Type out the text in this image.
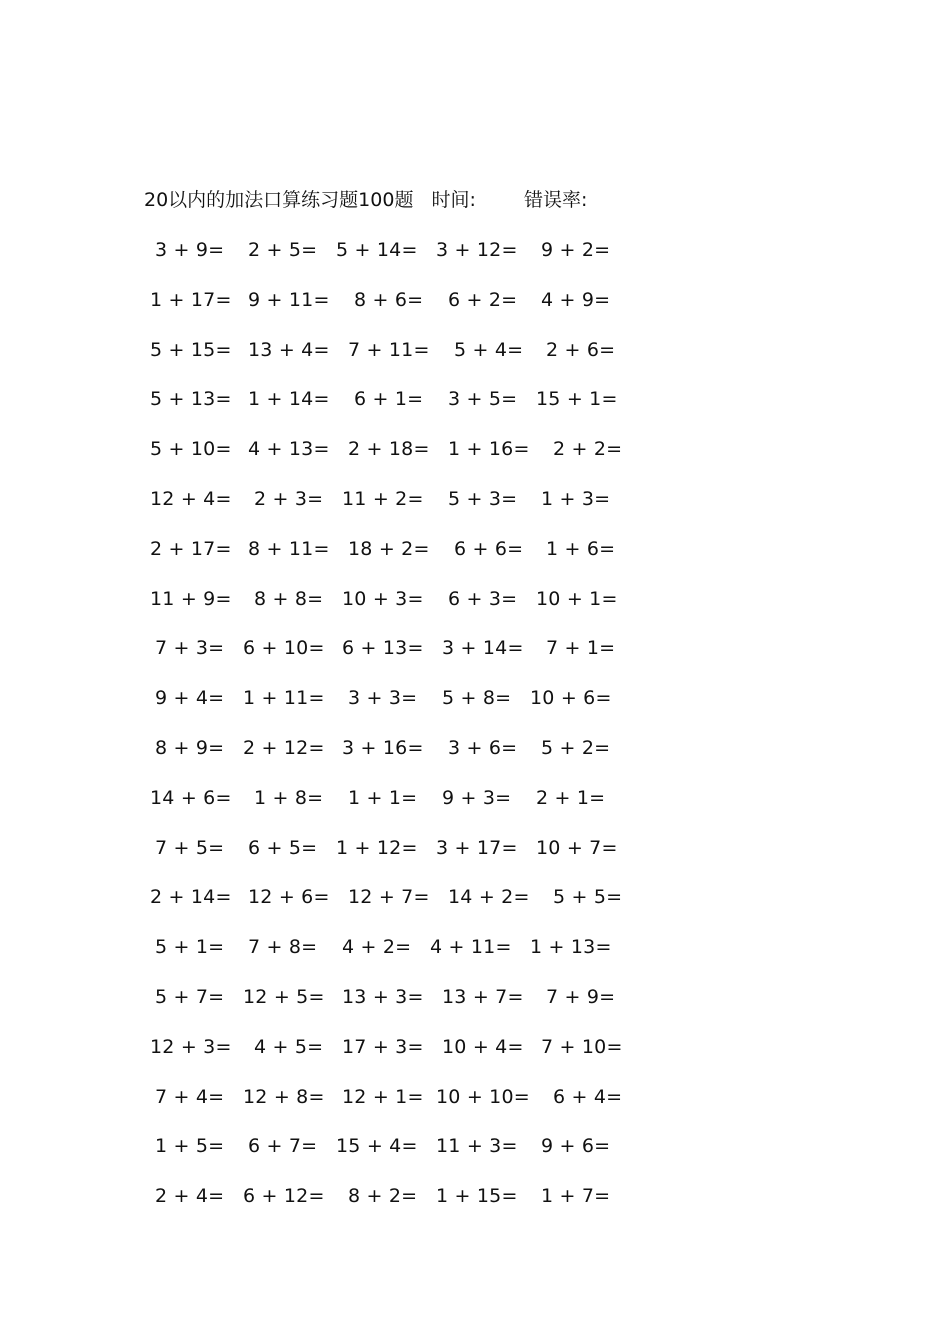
20以内的加法口算练习题100题 时间:	错误率:
3 + 9= 2 + 5= 5 + 14= 3 + 12= 9 + 2=
1 + 17= 9 + 11= 8 + 6= 6 + 2= 4 + 9=
5 + 15= 13 + 4= 7 + 11= 5 + 4= 2 + 6=
5 + 13= 1 + 14= 6 + 1= 3 + 5= 15 + 1=
5 + 10= 4 + 13= 2 + 18= 1 + 16= 2 + 2=
12 + 4= 2 + 3= 11 + 2= 5 + 3= 1 + 3=
2 + 17= 8 + 11= 18 + 2= 6 + 6= 1 + 6=
11 + 9= 8 + 8= 10 + 3= 6 + 3= 10 + 1=
7 + 3= 6 + 10= 6 + 13= 3 + 14= 7 + 1=
9 + 4= 1 + 11= 3 + 3= 5 + 8= 10 + 6=
8 + 9= 2 + 12= 3 + 16= 3 + 6= 5 + 2=
14 + 6= 1 + 8= 1 + 1= 9 + 3= 2 + 1=
7 + 5= 6 + 5= 1 + 12= 3 + 17= 10 + 7=
2 + 14= 12 + 6= 12 + 7= 14 + 2= 5 + 5=
5 + 1= 7 + 8= 4 + 2= 4 + 11= 1 + 13=
5 + 7= 12 + 5= 13 + 3= 13 + 7= 7 + 9=
12 + 3= 4 + 5= 17 + 3= 10 + 4= 7 + 10=
7 + 4= 12 + 8= 12 + 1= 10 + 10= 6 + 4=
1 + 5= 6 + 7= 15 + 4= 11 + 3= 9 + 6=
2 + 4= 6 + 12= 8 + 2= 1 + 15= 1 + 7=
